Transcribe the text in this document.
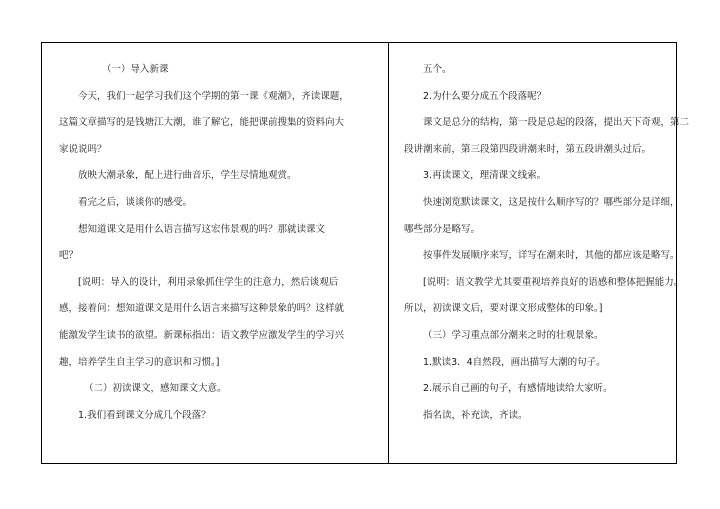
（一）导入新课

今天，我们一起学习我们这个学期的第一课《观潮》，齐读课题，

这篇文章描写的是钱塘江大潮，谁了解它，能把课前搜集的资料向大

家说说吗？

放映大潮录象，配上进行曲音乐，学生尽情地观赏。

看完之后，谈谈你的感受。

想知道课文是用什么语言描写这宏伟景观的吗？那就读课文

吧？

[说明：导入的设计，利用录象抓住学生的注意力，然后谈观后

感，接着问：想知道课文是用什么语言来描写这种景象的吗？这样就

能激发学生读书的欲望。新课标指出：语文教学应激发学生的学习兴

趣，培养学生自主学习的意识和习惯。]

（二）初读课文，感知课文大意。

1.我们看到课文分成几个段落？

五个。

2.为什么要分成五个段落呢？

课文是总分的结构，第一段是总起的段落，提出天下奇观，第二

段讲潮来前，第三段第四段讲潮来时，第五段讲潮头过后。

3.再读课文，理清课文线索。

快速浏览默读课文，这是按什么顺序写的？哪些部分是详细，

哪些部分是略写。

按事件发展顺序来写，详写在潮来时，其他的都应该是略写。

[说明：语文教学尤其要重视培养良好的语感和整体把握能力。

所以，初读课文后，要对课文形成整体的印象。]

（三）学习重点部分潮来之时的壮观景象。

1.默读3．4自然段，画出描写大潮的句子。

2.展示自己画的句子，有感情地读给大家听。

指名读，补充读，齐读。
